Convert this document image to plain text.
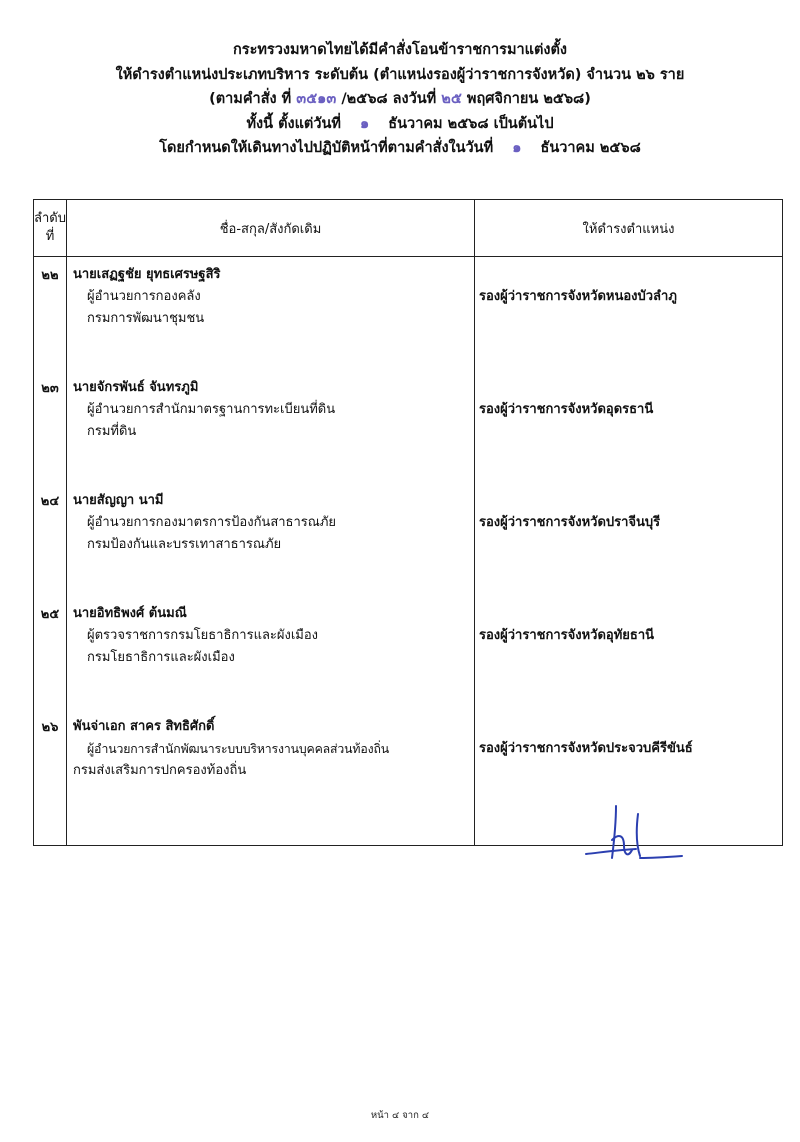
กระทรวงมหาดไทยได้มีคำสั่งโอนข้าราชการมาแต่งตั้ง
ให้ดำรงตำแหน่งประเภทบริหาร ระดับต้น (ตำแหน่งรองผู้ว่าราชการจังหวัด) จำนวน ๒๖ ราย
(ตามคำสั่ง ที่ ๓๕๑๓ /๒๕๖๘ ลงวันที่ ๒๕ พฤศจิกายน ๒๕๖๘)
ทั้งนี้ ตั้งแต่วันที่ ๑ ธันวาคม ๒๕๖๘ เป็นต้นไป
โดยกำหนดให้เดินทางไปปฏิบัติหน้าที่ตามคำสั่งในวันที่ ๑ ธันวาคม ๒๕๖๘
ลำดับ
ที่	ชื่อ-สกุล/สังกัดเดิม	ให้ดำรงตำแหน่ง
๒๒	นายเสฏฐชัย ยุทธเศรษฐสิริ
ผู้อำนวยการกองคลัง
กรมการพัฒนาชุมชน	รองผู้ว่าราชการจังหวัดหนองบัวลำภู

๒๓	นายจักรพันธ์ จันทรภูมิ
ผู้อำนวยการสำนักมาตรฐานการทะเบียนที่ดิน
กรมที่ดิน	รองผู้ว่าราชการจังหวัดอุดรธานี

๒๔	นายสัญญา นามี
ผู้อำนวยการกองมาตรการป้องกันสาธารณภัย
กรมป้องกันและบรรเทาสาธารณภัย	รองผู้ว่าราชการจังหวัดปราจีนบุรี

๒๕	นายอิทธิพงศ์ ต้นมณี
ผู้ตรวจราชการกรมโยธาธิการและผังเมือง
กรมโยธาธิการและผังเมือง	รองผู้ว่าราชการจังหวัดอุทัยธานี

๒๖	พันจ่าเอก สาคร สิทธิศักดิ์
ผู้อำนวยการสำนักพัฒนาระบบบริหารงานบุคคลส่วนท้องถิ่น
กรมส่งเสริมการปกครองท้องถิ่น	รองผู้ว่าราชการจังหวัดประจวบคีรีขันธ์
หน้า ๔ จาก ๔
